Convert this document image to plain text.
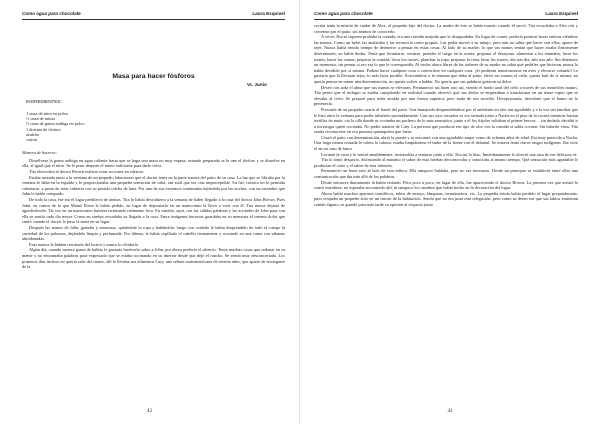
Como agua para chocolate	Laura Esquivel
Masa para hacer fósforos
VI. Junio
INGREDIENTES:
1 onza de nitro en polvo
½ onza de minio
½ onza de goma arábiga en polvo
1 dracma de fósforo
azafrán
cartón.
Manera de hacerse:

Disuélvase la goma arábiga en agua caliente hasta que se haga una masa no muy espesa; estando preparada se le une el fósforo y se disuelve en ella, al igual que el nitro. Se le pone después el minio suficiente para darle color.

Tita observaba al doctor Brown realizar estas acciones en silencio.

Estaba sentada junto a la ventana de un pequeño laboratorio que el doctor tenía en la parte trasera del patio de su casa. La luz que se filtraba por la ventana le daba en la espalda y le proporcionaba una pequeña sensación de calor, tan sutil que era casi imperceptible. Su frío crónico no le permitía calentarse, a pesar de estar cubierta con su pesada colcha de lana. Por uno de sus extremos continuaba tejiéndola por las noches, con un estambre que John le había comprado.

De toda la casa, ése era el lugar predilecto de ambos. Tita lo había descubierto a la semana de haber llegado a la casa del doctor John Brown. Pues John, en contra de lo que Mamá Elena le había pedido, en lugar de depositarla en un manicomio la llevó a vivir con él. Tita nunca dejaría de agradecérselo. Tal vez en un manicomio hubiera terminado realmente loca. En cambio, aquí, con las cálidas palabras y las actitudes de John para con ella se sentía cada día mejor. Como en sueños recordaba su llegada a la casa. Entre imágenes borrosas guardaba en su memoria el intenso dolor que sintió cuando el doctor le puso la nariz en su lugar.

Después las manos de John, grandes y amorosas, quitándole la ropa y bañándola; luego con cuidado le había desprendido de todo el cuerpo la suciedad de los palomos, dejándola limpia y perfumada. Por último, le había cepillado el cabello tiernamente y acostado en una cama con sábanas almidonadas.

Esas manos la habían rescatado del horror y nunca lo olvidaría.

Algún día, cuando tuviera ganas de hablar le gustaría hacérselo saber a John; por ahora prefería el silencio. Tenía muchas cosas que ordenar en su mente y no encontraba palabras para expresarlo que se estaba cocinando en su interior desde que dejó el rancho. Se sentía muy desconcertada. Los primeros días incluso no quería salir del cuarto, allí le llevaba sus alimentos Caty, una señora norteamericana de setenta años, que aparte de encargarse de la

42
Como agua para chocolate	Laura Esquivel

cocina tenía la misión de cuidar de Alex, el pequeño hijo del doctor. La madre de éste se había muerto cuando él nació. Tita escuchaba a Alex reír y corretear por el patio, sin ánimos de conocerlo.

A veces Tita ni siquiera probaba la comida, era una comida insípida que le desagradaba. En lugar de comer, prefería ponerse horas enteras viéndose las manos. Como un bebé, las analizaba y las reconocía como propias. Las podía mover a su antojo, pero aún no sabía qué hacer con ellas, aparte de tejer. Nunca había tenido tiempo de detenerse a pensar en estas cosas. Al lado de su madre, lo que sus manos tenían que hacer estaba firmemente determinado, no había dudas. Tenía que levantarse, vestirse, prender el fuego en la estufa, preparar el desayuno, alimentar a los animales, lavar los trastes, hacer las camas, preparar la comida, lavar los trastes, planchar la ropa, preparar la cena, lavar los trastes, día tras día, año tras año. Sin detenerse un momento, sin pensar si eso era lo que le correspondía. Al verlas ahora libres de las órdenes de su madre no sabía qué pedirles que hicieran, nunca lo había decidido por sí misma. Podían hacer cualquier cosa o convertirse en cualquier cosa. ¡Si pudieran transformarse en aves y elevarse volando! Le gustaría que la llevaran lejos, lo más lejos posible. Acercándose a la ventana que daba al patio, elevó sus manos al cielo, quería huir de sí misma, no quería pensar en tomar una determinación, no quería volver a hablar. No quería que sus palabras gritaran su dolor.

Deseó con toda el alma que sus manos se elevaran. Permaneció así buen rato así, viendo el fondo azul del cielo a través de sus inmóviles manos. Tita pensó que el milagro se estaba cumpliendo en realidad cuando observó que sus dedos se empezaban a transformar en un tenue vapor que se elevaba al cielo. Se preparó para subir atraída por una fuerza superior, pero nada de eso sucedió. Decepcionada, descubrió que el humo no le pertenecía.

Provenía de un pequeño cuarto al fondo del patio. Una humareda desprendiéndose por el ambiente un olor tan agradable y a la vez tan familiar que le hizo abrir la ventana para poder inhalarlo profundamente. Con sus ojos cerrados se vio sentada junto a Nacha en el piso de la cocina mientras hacían tortillas de maíz; vio la olla donde se cocinaba un puchero de lo más aromático, junto a él los frijoles soltaban el primer hervor… sin dudarlo decidió ir a investigar quién cocinaba. No podía tratarse de Caty. La persona que producía ese tipo de olor con la comida sí sabía cocinar. Sin haberla visto, Tita sentía reconocerse en esa persona quienquiera que fuera.

Cruzó el patio con determinación, abrió la puerta y se encontró con una agradable mujer como de ochenta años de edad. Era muy parecida a Nacha. Una larga trenza cruzada le coleta la cabeza, estaba limpiándose el sudor de la frente con el delantal. Se mirava tenía claros rasgos indígenas. Iba vivir té en un caso de barro.

Levantó la vista y le sonrió amablemente, invitándola a sentarse junto a ella. Tita así lo hizo. Inmediatamente le ofreció una taza de ese delicioso té.

Tita lo tomó despacio, disfrutando al máximo el sabor de esas hierbas desconocidas y conocidas al mismo tiempo. Qué sensación más agradable le producían el calor y el sabor de esta infusión.

Permaneció un buen rato al lado de esta señora. Ella tampoco hablaba, pero no era necesario. Desde un principio se estableció entre ellas una comunicación que iba más allá de las palabras.

Desde entonces diariamente la había visitado. Pero poco a poco, en lugar de ella, fue apareciendo el doctor Brown. La primera vez que asistió le causó extrañeza, no esperaba encontrarlo ahí, ni tampoco los cambios que había hecho en la decoración del lugar.

Ahora había muchos aparatos científicos, tubos de ensayo, lámparas, termómetros, etc. La pequeña estufa había perdido el lugar preponderante, pues ocupaba un pequeño sitio en un rincón de la habitación. Sentía que no era justa esta relegación, pero como su deseo era que sus labios emitieran sonido alguno, se guardó para más tarde su opinión al respecto junto

43
